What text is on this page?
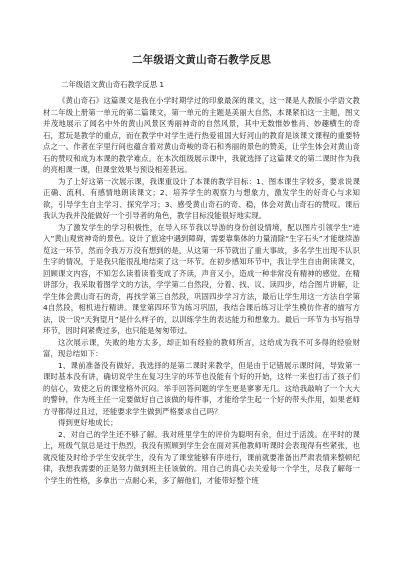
二年级语文黄山奇石教学反思
二年级语文黄山奇石教学反思 1

《黄山奇石》这篇课文是我在小学时期学过的印象最深的课文，这一课是人教版小学语文教材二年级上册第一单元的第二篇课文，第一单元的主题是美丽大自然，本课紧扣这一主题，图文并茂地展示了闻名中外的黄山风景区秀丽神奇的自然风景，其中无数惟妙惟肖、妙趣横生的奇石，惹玩是教学的重点，而在教学中对学生进行热爱祖国大好河山的教育是该课文课程的重要特点之一。作者在字里行间也蕴含着对黄山奇峻的奇石和秀丽的景色的赞美，让学生体会对黄山奇石的赞叹和成为本课的教学难点。在本次组级展示课中，我就选择了这篇课文的第二课时作为我的亮相课一课，但课堂效果与预设相差甚远。

为了上好这第一次展示课，我课重设计了本课的教学目标：1、图本课生字较多，要求说课正确、流利、有感情地朗读课文；2、培养学生的观察力与想象力，激发学生的好奇心与求知欲，引导学生自主学习、探究学习；3、感受黄山奇石的奇、稳，体会对黄山奇石的赞叹。课后我认为我并没能做好一个引导者的角色，教学目标没能很好地实现。

为了激发学生的学习积极性，在导入环节我以导游的身份创设情境，配以图片引领学生“进入”黄山观赏神奇的景色。设计了旅途中遇到障碍，需要靠集体的力量清除“生字石头”才能继续游览这一环节，然而令我万万没有想到的是，从这第一环节就出了重大事故，多名学生出现不认识生字的情况，于是我只能很乱地结束了这一环节。在初步感知环节中，我让学生自由朗读课文，回顾课文内容，不知怎么读着读着变成了齐读，声音又小，造成一种非常没有精神的感觉。在精讲部分，我采取着图学文的方法，学学第二自然段，分着、找、议、读四步，结合图片讲解，让学生体会黄山奇石的奇，再找学第三自然段，巩固四步学习方法，最后让学生用这一方法自学第4自然段，相机进行精讲。课堂第四环节为练习巩固，我结合课后练习让学生模仿作者的描写方法，说一说“天狗望月”是什么样子的，以训练学生的表达能力和想象力。最后一环节为书写指导环节，因时间紧费过多，也只能是匆匆带过。

这次展示课，失败的地方太多，却正如有经验的教师所言，这给成为我不可多得的经验财富，现总结如下：

1、课前准备没有做好。我选择的是第二课时来教学，但是由于记错展示课时间，导致第一课时基本没有讲，确切说学生在复习生字的环节也没能有个好的开始，这样一来也打击了孩子们的信心，致使之后的课堂格外沉闷。举手回答问题的学生更是寥寥无几。这给我敲响了一个大大的警钟，作为班主任一定要做好自己该做的每件事，才能给学生起一个好的带头作用，如果老师方寻都得过且过，还能要求学生做到严格要求自己吗？

得到更好地成长；

2、对自己的学生还不够了解。我对班里学生的评价为聪明有余，但过于活泼。在平时的课上，班级气氛总是过于热烈，我没有照顾到学生会在面对其他教师听课时会表现得有些紧张，也就没能及时给予学生安抚学生，没有为了课堂能够有序进行，课前就要准备出严肃表情来整顿纪律，我想我需要的正是努力做到班主任该做的。用自己的真心去关爱每一个学生，尽我了解每一个学生的性格，多拿出一点耐心来，多了解他们，才能带好整个班
